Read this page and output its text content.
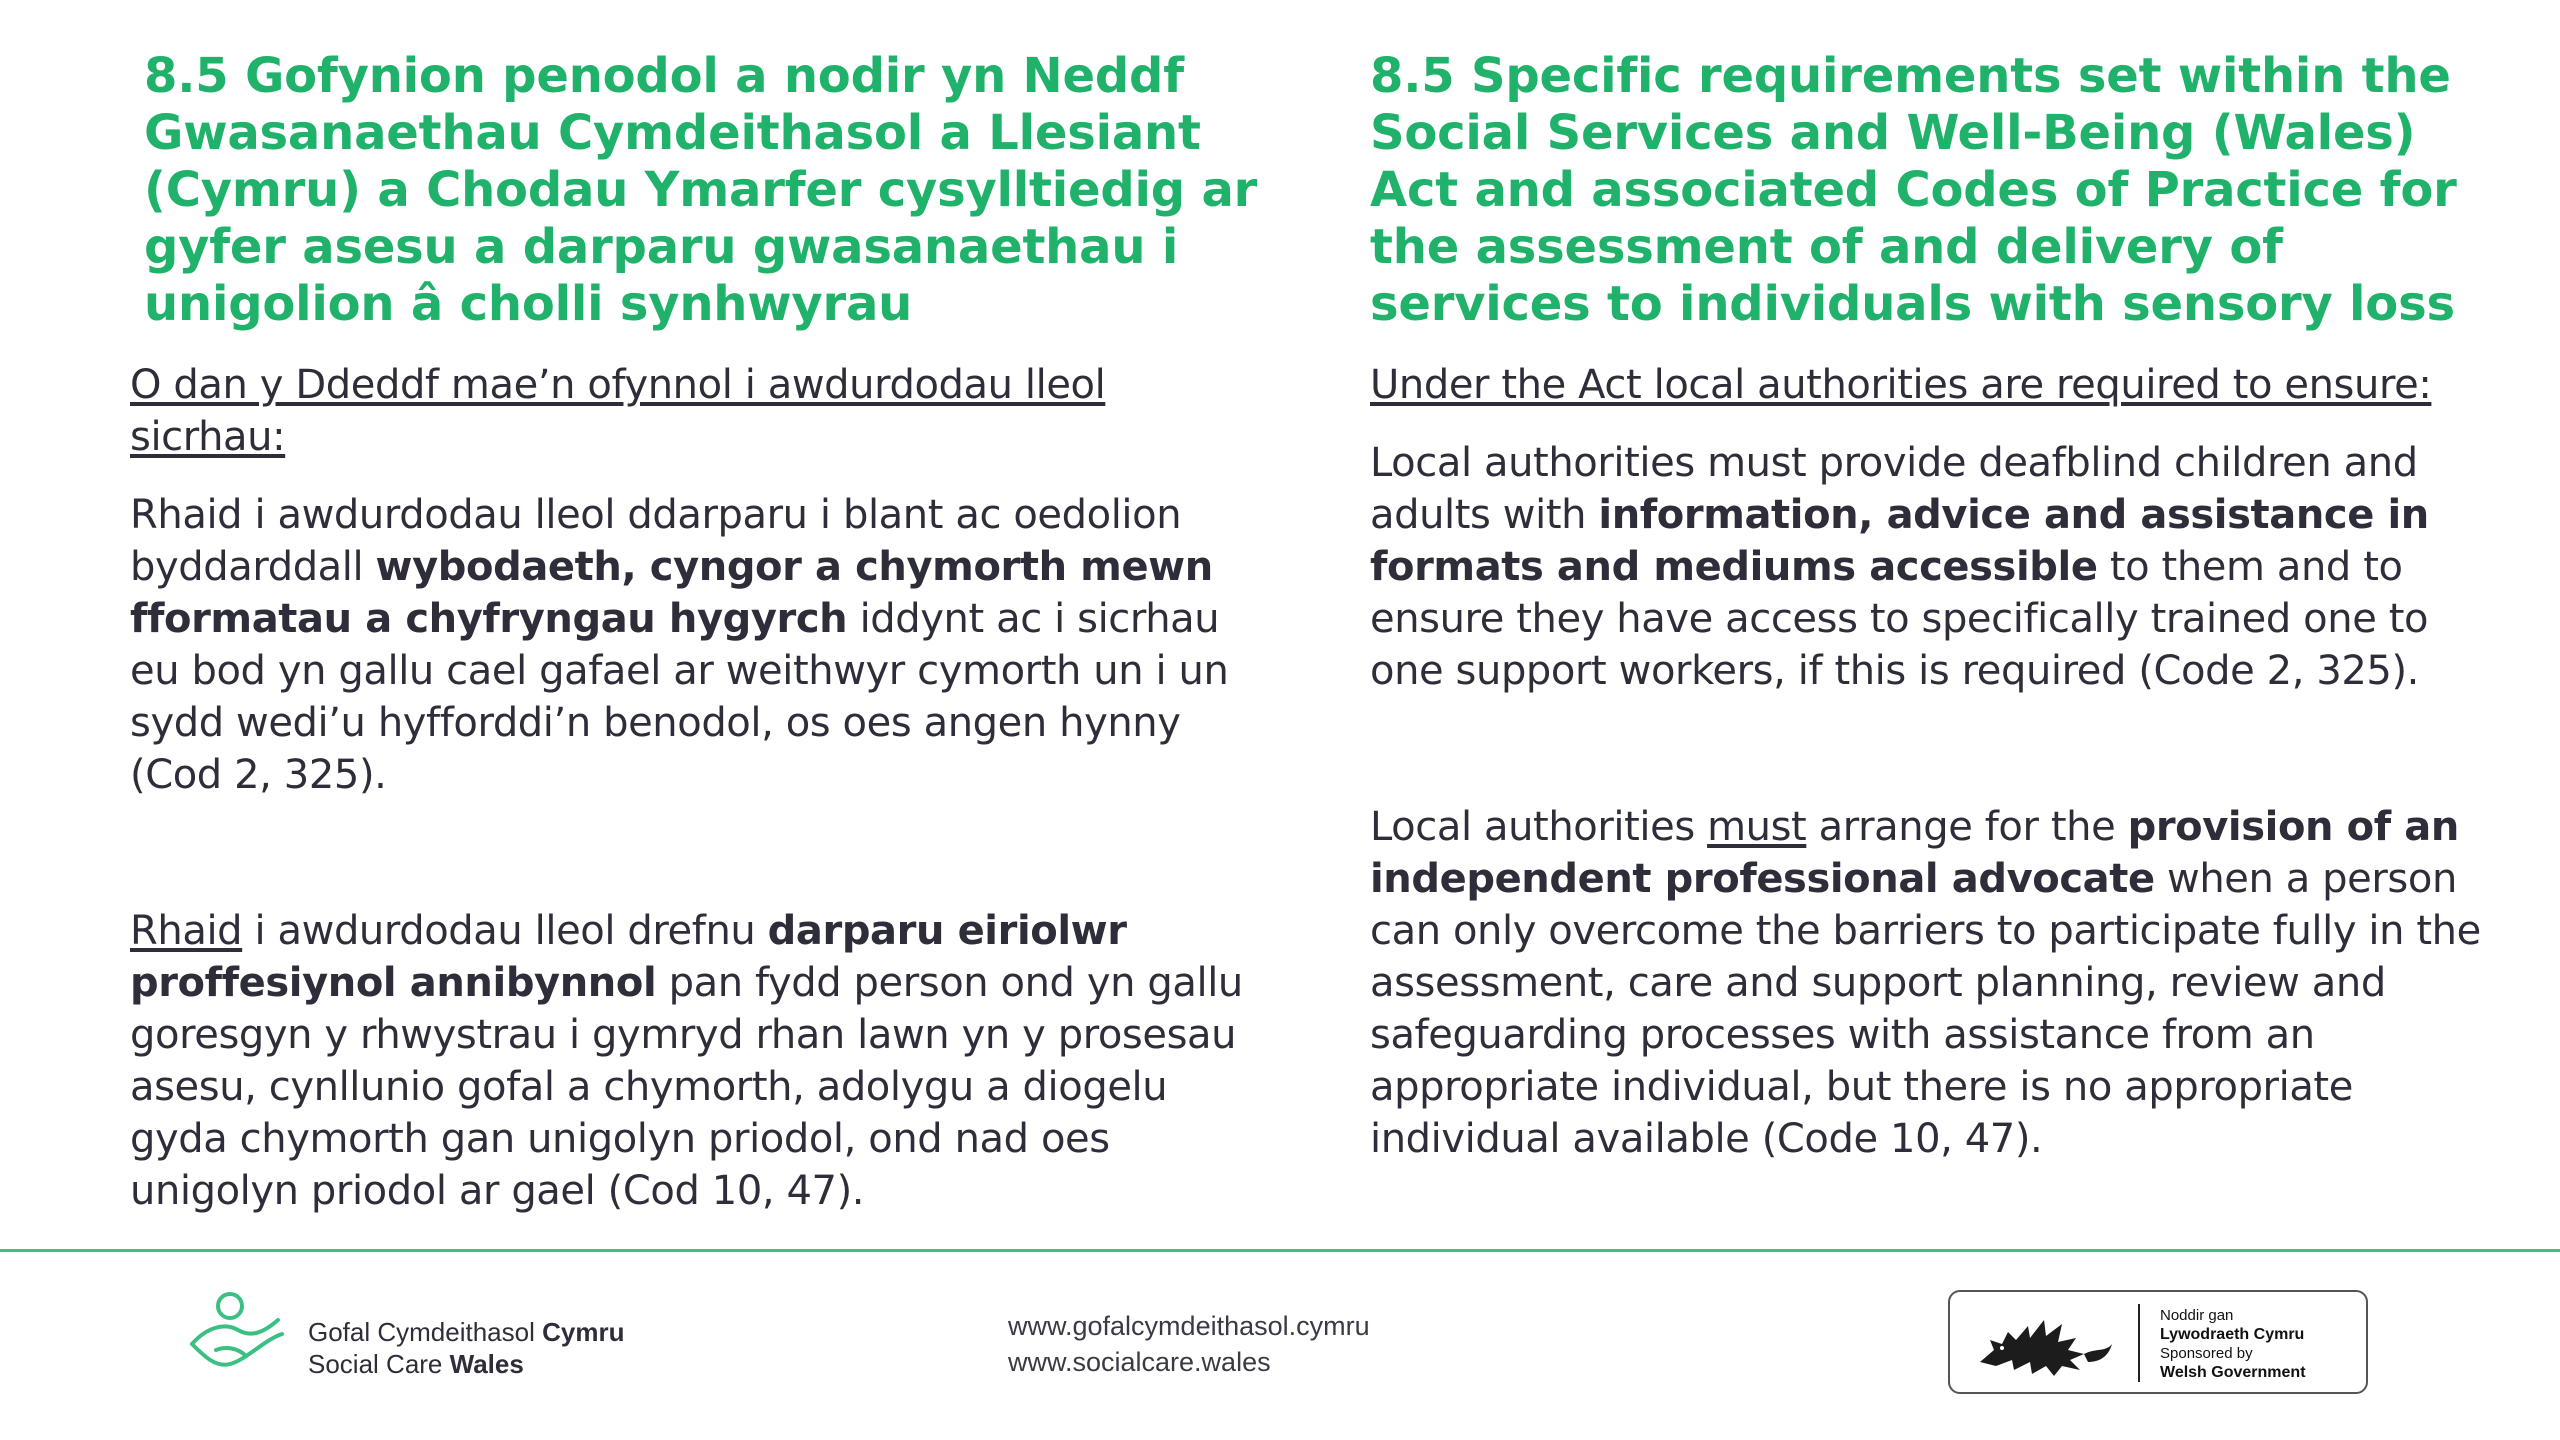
8.5 Gofynion penodol a nodir yn Neddf Gwasanaethau Cymdeithasol a Llesiant (Cymru) a Chodau Ymarfer cysylltiedig ar gyfer asesu a darparu gwasanaethau i unigolion â cholli synhwyrau

O dan y Ddeddf mae’n ofynnol i awdurdodau lleol sicrhau:

Rhaid i awdurdodau lleol ddarparu i blant ac oedolion byddarddall wybodaeth, cyngor a chymorth mewn fformatau a chyfryngau hygyrch iddynt ac i sicrhau eu bod yn gallu cael gafael ar weithwyr cymorth un i un sydd wedi’u hyfforddi’n benodol, os oes angen hynny (Cod 2, 325).

Rhaid i awdurdodau lleol drefnu darparu eiriolwr proffesiynol annibynnol pan fydd person ond yn gallu goresgyn y rhwystrau i gymryd rhan lawn yn y prosesau asesu, cynllunio gofal a chymorth, adolygu a diogelu gyda chymorth gan unigolyn priodol, ond nad oes unigolyn priodol ar gael (Cod 10, 47).

8.5 Specific requirements set within the Social Services and Well-Being (Wales) Act and associated Codes of Practice for the assessment of and delivery of services to individuals with sensory loss

Under the Act local authorities are required to ensure:

Local authorities must provide deafblind children and adults with information, advice and assistance in formats and mediums accessible to them and to ensure they have access to specifically trained one to one support workers, if this is required (Code 2, 325).

Local authorities must arrange for the provision of an independent professional advocate when a person can only overcome the barriers to participate fully in the assessment, care and support planning, review and safeguarding processes with assistance from an appropriate individual, but there is no appropriate individual available (Code 10, 47).

Gofal Cymdeithasol Cymru
Social Care Wales
www.gofalcymdeithasol.cymru
www.socialcare.wales
Noddir gan
Lywodraeth Cymru
Sponsored by
Welsh Government
